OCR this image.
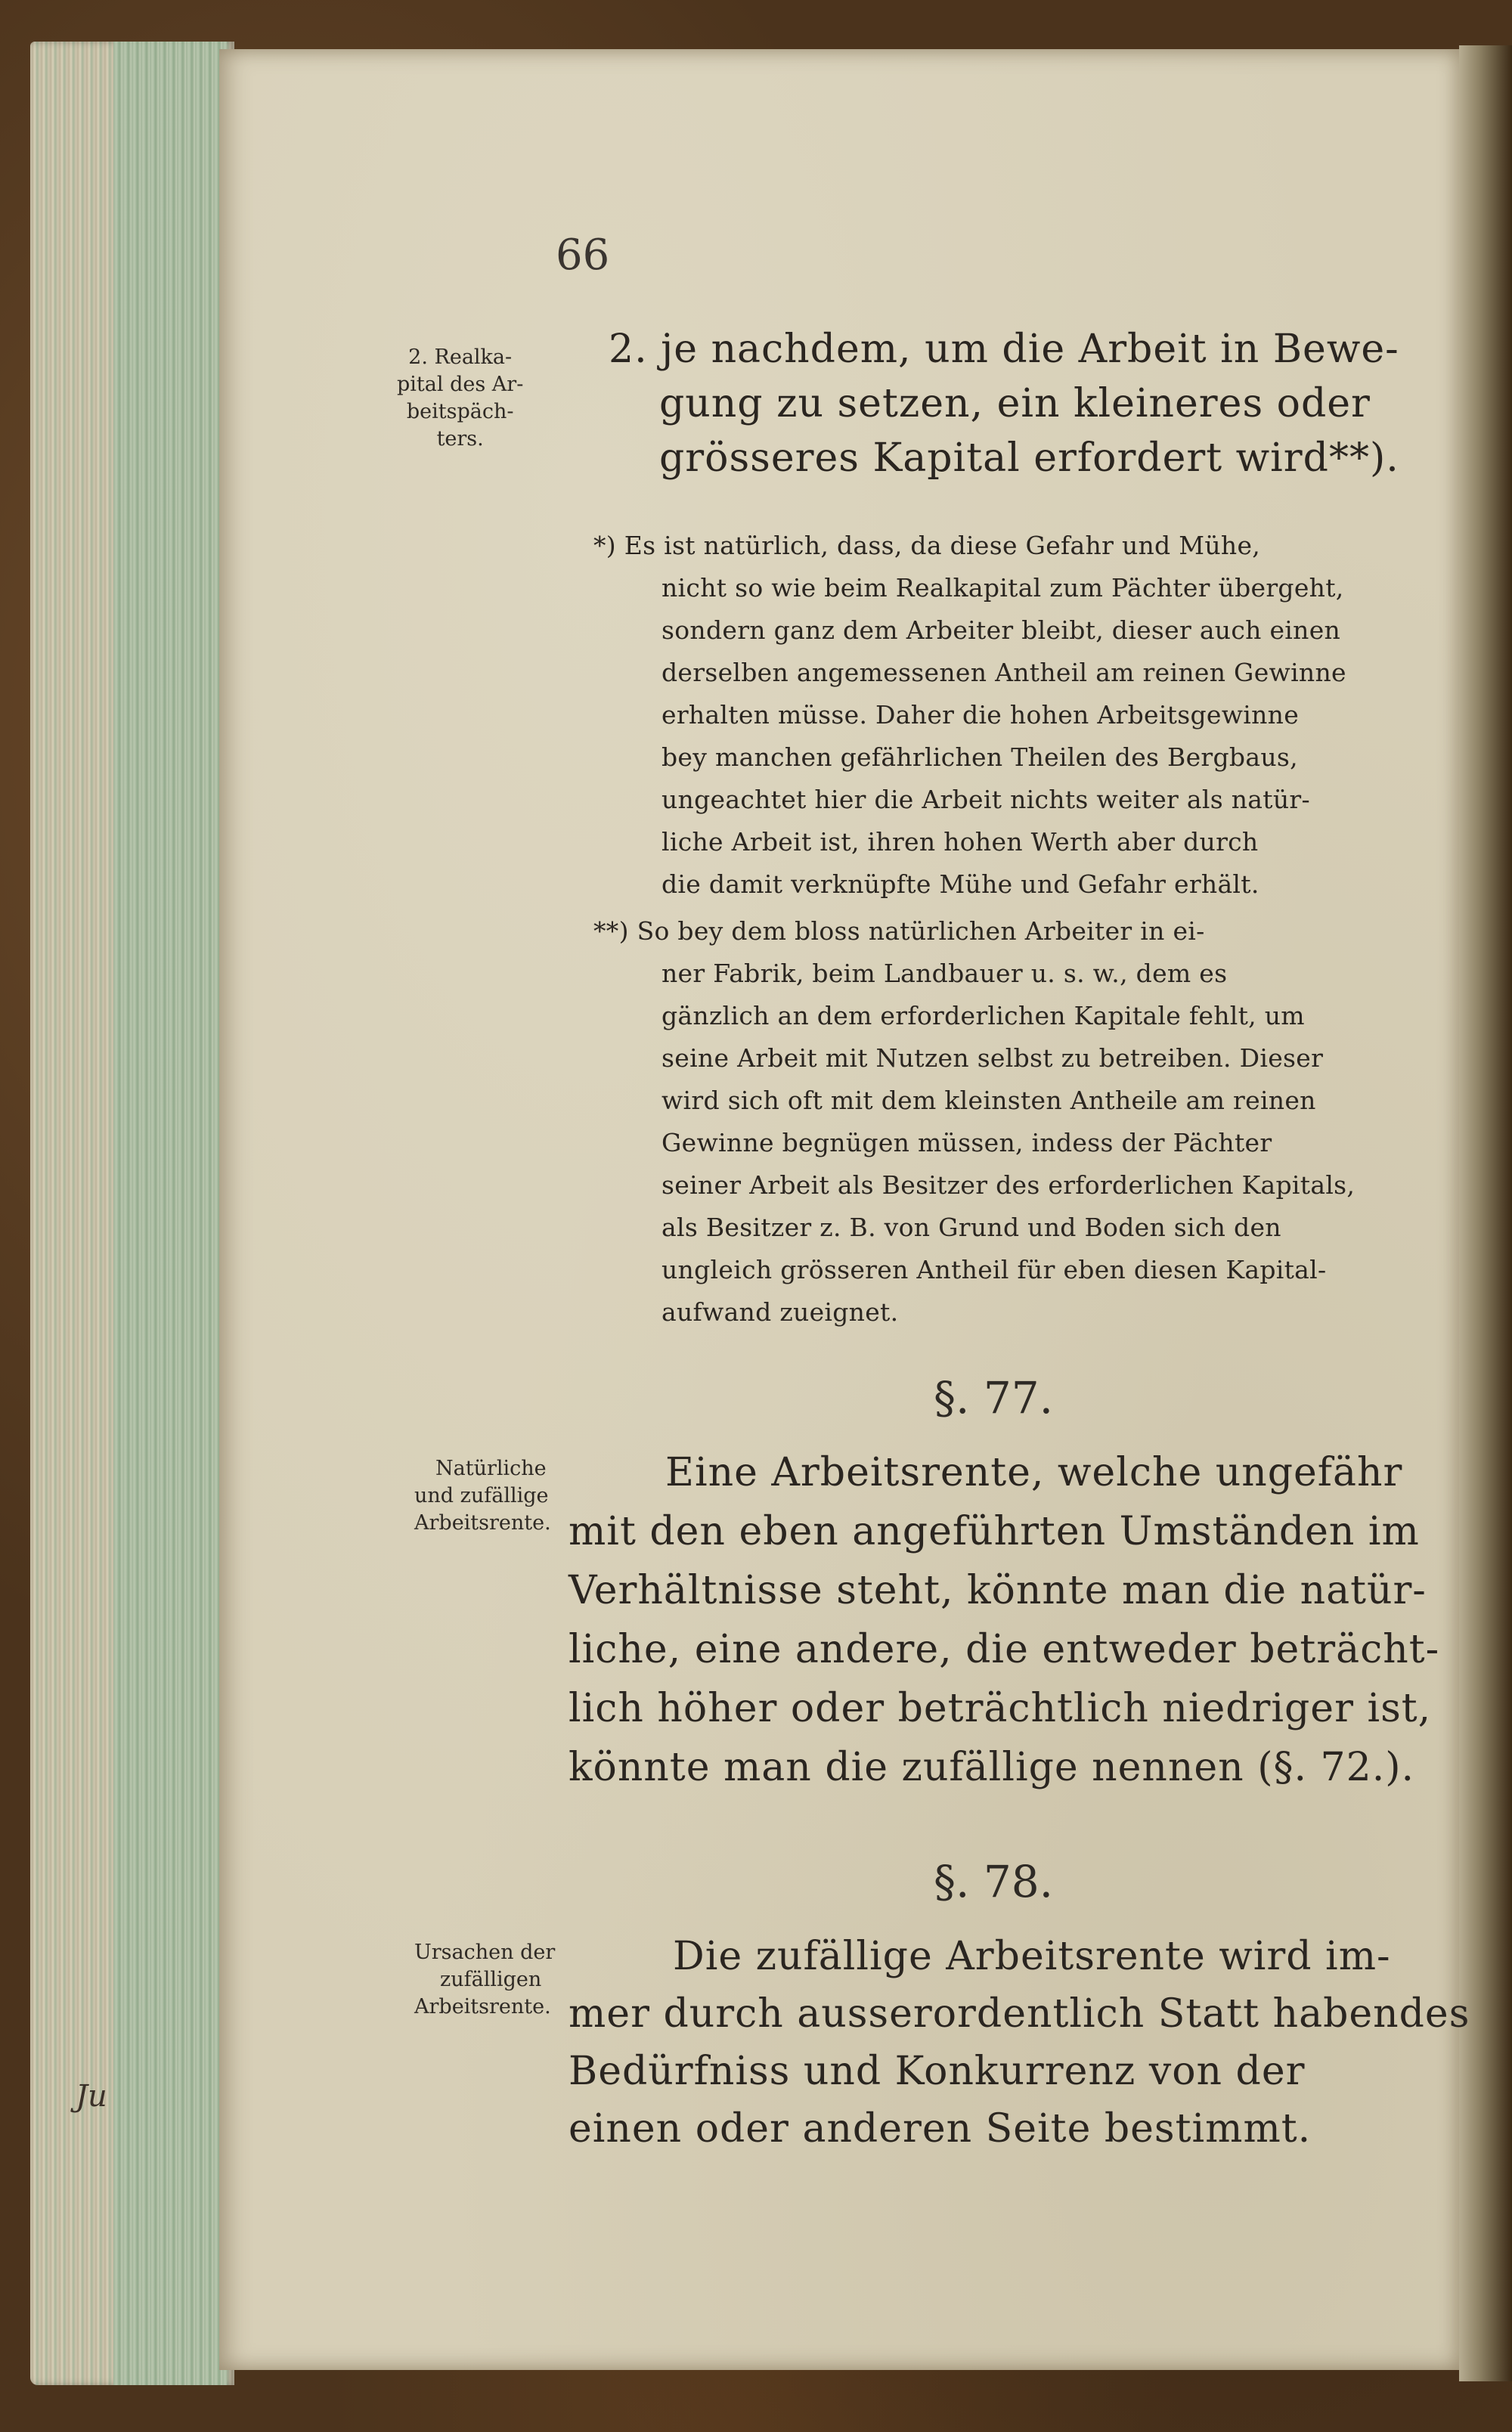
66
2. Realka-
pital des Ar-
beitspäch-
ters.
2. je nachdem, um die Arbeit in Bewe-
gung zu setzen, ein kleineres oder
grösseres Kapital erfordert wird**).
*) Es ist natürlich, dass, da diese Gefahr und Mühe,
nicht so wie beim Realkapital zum Pächter übergeht,
sondern ganz dem Arbeiter bleibt, dieser auch einen
derselben angemessenen Antheil am reinen Gewinne
erhalten müsse. Daher die hohen Arbeitsgewinne
bey manchen gefährlichen Theilen des Bergbaus,
ungeachtet hier die Arbeit nichts weiter als natür-
liche Arbeit ist, ihren hohen Werth aber durch
die damit verknüpfte Mühe und Gefahr erhält.
**) So bey dem bloss natürlichen Arbeiter in ei-
ner Fabrik, beim Landbauer u. s. w., dem es
gänzlich an dem erforderlichen Kapitale fehlt, um
seine Arbeit mit Nutzen selbst zu betreiben. Dieser
wird sich oft mit dem kleinsten Antheile am reinen
Gewinne begnügen müssen, indess der Pächter
seiner Arbeit als Besitzer des erforderlichen Kapitals,
als Besitzer z. B. von Grund und Boden sich den
ungleich grösseren Antheil für eben diesen Kapital-
aufwand zueignet.
§. 77.
Natürliche
und zufällige
Arbeitsrente.
Eine Arbeitsrente, welche ungefähr
mit den eben angeführten Umständen im
Verhältnisse steht, könnte man die natür-
liche, eine andere, die entweder beträcht-
lich höher oder beträchtlich niedriger ist,
könnte man die zufällige nennen (§. 72.).
§. 78.
Ursachen der
zufälligen
Arbeitsrente.
Die zufällige Arbeitsrente wird im-
mer durch ausserordentlich Statt habendes
Bedürfniss und Konkurrenz von der
einen oder anderen Seite bestimmt.
Ju
